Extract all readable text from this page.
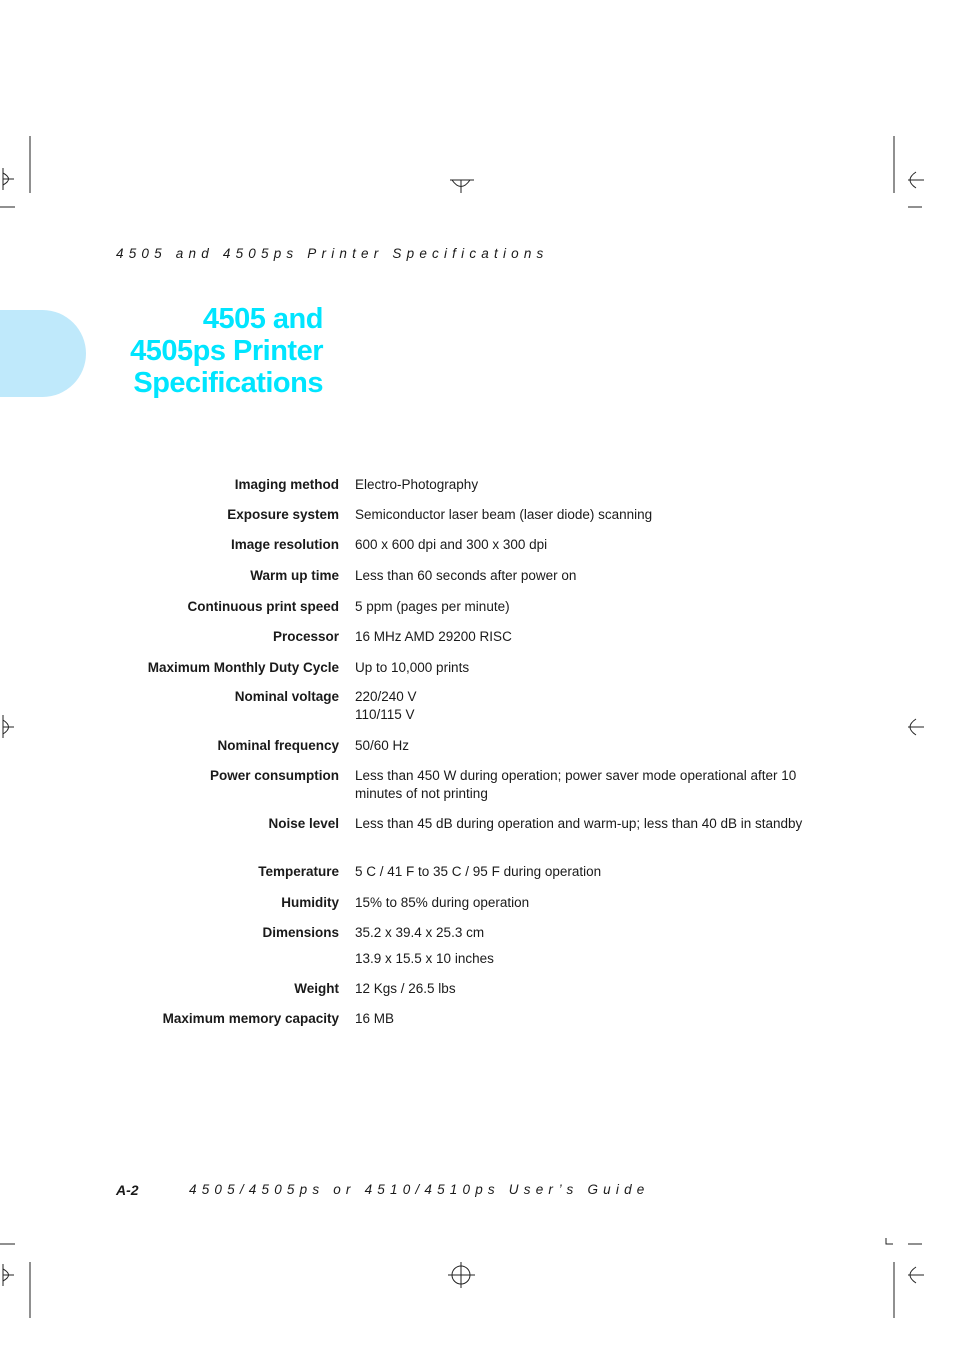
4505 and 4505ps Printer Specifications
4505 and
4505ps Printer
Specifications
Imaging method Electro-Photography
Exposure system Semiconductor laser beam (laser diode) scanning
Image resolution 600 x 600 dpi and 300 x 300 dpi
Warm up time Less than 60 seconds after power on
Continuous print speed 5 ppm (pages per minute)
Processor 16 MHz AMD 29200 RISC
Maximum Monthly Duty Cycle Up to 10,000 prints
Nominal voltage 220/240 V
110/115 V
Nominal frequency 50/60 Hz
Power consumption Less than 450 W during operation; power saver mode operational after 10 minutes of not printing
Noise level Less than 45 dB during operation and warm-up; less than 40 dB in standby
Temperature 5 C / 41 F to 35 C / 95 F during operation
Humidity 15% to 85% during operation
Dimensions 35.2 x 39.4 x 25.3 cm
13.9 x 15.5 x 10 inches
Weight 12 Kgs / 26.5 lbs
Maximum memory capacity 16 MB
A-2	4505/4505ps or 4510/4510ps User’s Guide
